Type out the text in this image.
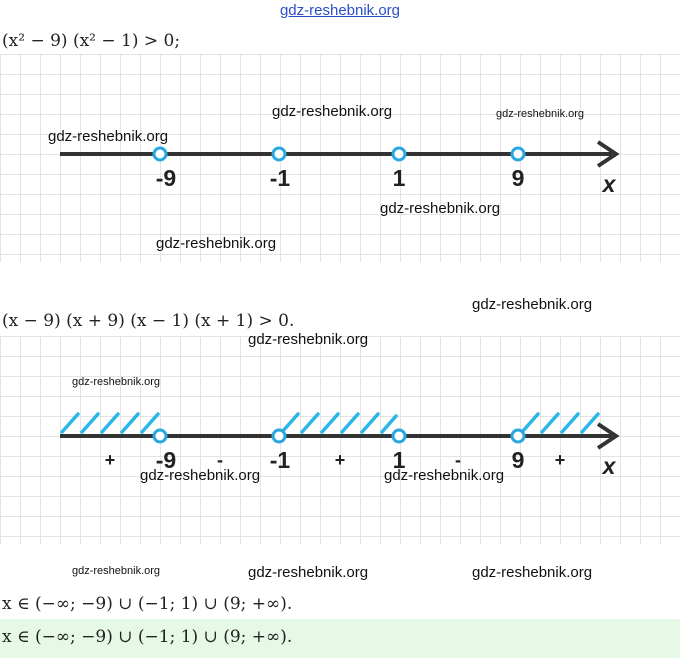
gdz-reshebnik.org
(x² − 9) (x² − 1) > 0;
-9	-1	1	9	x
(x − 9) (x + 9) (x − 1) (x + 1) > 0.
-9	-1	1	9	x
+	-	+	-	+
x ∈ (−∞; −9) ∪ (−1; 1) ∪ (9; +∞).
x ∈ (−∞; −9) ∪ (−1; 1) ∪ (9; +∞).
gdz-reshebnik.org	gdz-reshebnik.org
gdz-reshebnik.org
gdz-reshebnik.org
gdz-reshebnik.org
gdz-reshebnik.org
gdz-reshebnik.org
gdz-reshebnik.org
gdz-reshebnik.org	gdz-reshebnik.org
gdz-reshebnik.org	gdz-reshebnik.org	gdz-reshebnik.org
